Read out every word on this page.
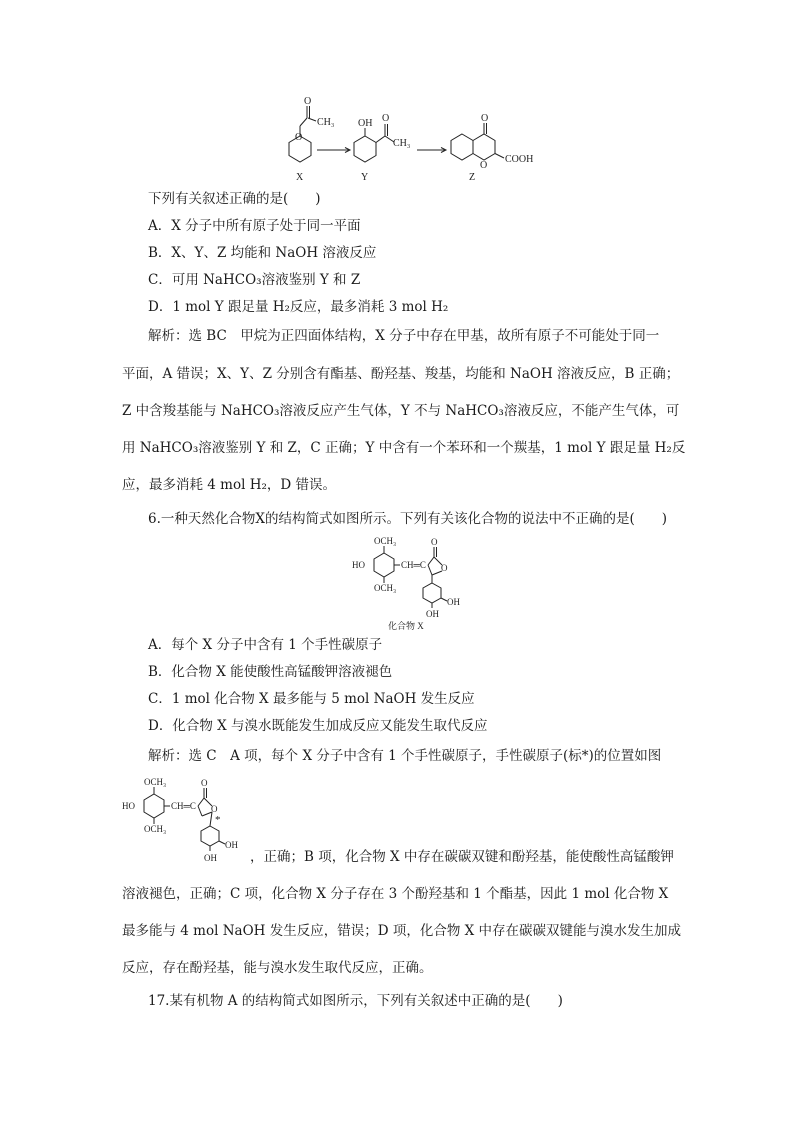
O
O
CH₃
X
OH O
CH₃
Y
O
O
COOH
Z
下列有关叙述正确的是(　　)
A．X 分子中所有原子处于同一平面
B．X、Y、Z 均能和 NaOH 溶液反应
C．可用 NaHCO₃溶液鉴别 Y 和 Z
D．1 mol Y 跟足量 H₂反应，最多消耗 3 mol H₂
解析：选 BC　甲烷为正四面体结构，X 分子中存在甲基，故所有原子不可能处于同一
平面，A 错误；X、Y、Z 分别含有酯基、酚羟基、羧基，均能和 NaOH 溶液反应，B 正确；
Z 中含羧基能与 NaHCO₃溶液反应产生气体，Y 不与 NaHCO₃溶液反应，不能产生气体，可
用 NaHCO₃溶液鉴别 Y 和 Z，C 正确；Y 中含有一个苯环和一个羰基，1 mol Y 跟足量 H₂反
应，最多消耗 4 mol H₂，D 错误。
6.一种天然化合物X的结构简式如图所示。下列有关该化合物的说法中不正确的是(　　)
OCH₃
HO
OCH₃
CH═C
O
O
OH
OH
化合物 X
A．每个 X 分子中含有 1 个手性碳原子
B．化合物 X 能使酸性高锰酸钾溶液褪色
C．1 mol 化合物 X 最多能与 5 mol NaOH 发生反应
D．化合物 X 与溴水既能发生加成反应又能发生取代反应
解析：选 C　A 项，每个 X 分子中含有 1 个手性碳原子，手性碳原子(标*)的位置如图
OCH₃
HO
OCH₃
CH═C
O
O
*
OH
OH ，正确；B 项，化合物 X 中存在碳碳双键和酚羟基，能使酸性高锰酸钾
溶液褪色，正确；C 项，化合物 X 分子存在 3 个酚羟基和 1 个酯基，因此 1 mol 化合物 X
最多能与 4 mol NaOH 发生反应，错误；D 项，化合物 X 中存在碳碳双键能与溴水发生加成
反应，存在酚羟基，能与溴水发生取代反应，正确。
17.某有机物 A 的结构简式如图所示，下列有关叙述中正确的是(　　)
